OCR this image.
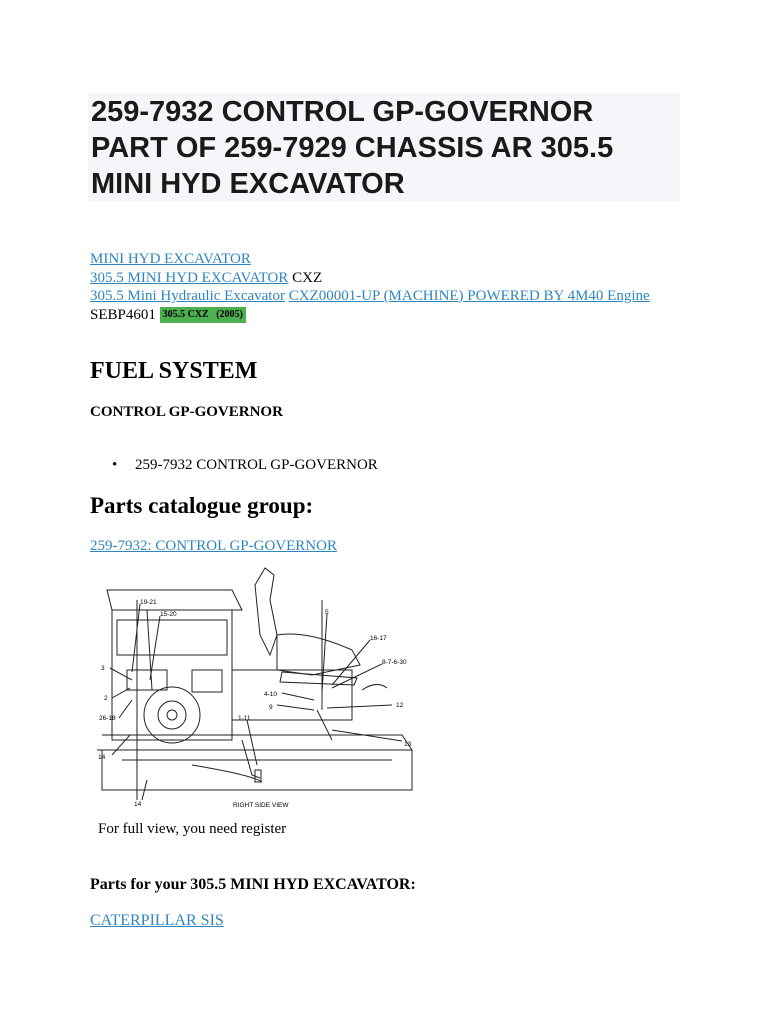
259-7932 CONTROL GP-GOVERNOR PART OF 259-7929 CHASSIS AR 305.5 MINI HYD EXCAVATOR
MINI HYD EXCAVATOR
305.5 MINI HYD EXCAVATOR CXZ
305.5 Mini Hydraulic Excavator CXZ00001-UP (MACHINE) POWERED BY 4M40 Engine SEBP4601 305.5 CXZ   (2005)
FUEL SYSTEM
CONTROL GP-GOVERNOR
• 259-7932 CONTROL GP-GOVERNOR
Parts catalogue group:
259-7932: CONTROL GP-GOVERNOR
19-21
15-20	5
16-17
8-7-6-30
3
2
26-18
4-10
9	12
1-11
13
14
14	RIGHT SIDE VIEW
For full view, you need register
Parts for your 305.5 MINI HYD EXCAVATOR:
CATERPILLAR SIS
